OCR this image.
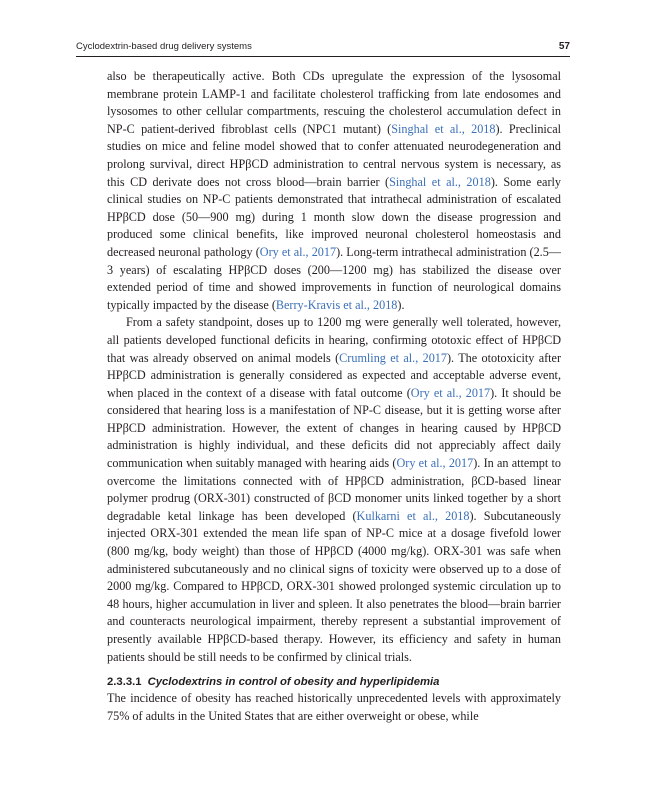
Cyclodextrin-based drug delivery systems	57

also be therapeutically active. Both CDs upregulate the expression of the lysosomal membrane protein LAMP-1 and facilitate cholesterol trafficking from late endosomes and lysosomes to other cellular compartments, rescuing the cholesterol accumulation defect in NP-C patient-derived fibroblast cells (NPC1 mutant) (Singhal et al., 2018). Preclinical studies on mice and feline model showed that to confer attenuated neurodegeneration and prolong survival, direct HPβCD administration to central nervous system is necessary, as this CD derivate does not cross blood—brain barrier (Singhal et al., 2018). Some early clinical studies on NP-C patients demonstrated that intrathecal administration of escalated HPβCD dose (50—900 mg) during 1 month slow down the disease progression and produced some clinical benefits, like improved neuronal cholesterol homeostasis and decreased neuronal pathology (Ory et al., 2017). Long-term intrathecal administration (2.5—3 years) of escalating HPβCD doses (200—1200 mg) has stabilized the disease over extended period of time and showed improvements in function of neurological domains typically impacted by the disease (Berry-Kravis et al., 2018).

From a safety standpoint, doses up to 1200 mg were generally well tolerated, however, all patients developed functional deficits in hearing, confirming ototoxic effect of HPβCD that was already observed on animal models (Crumling et al., 2017). The ototoxicity after HPβCD administration is generally considered as expected and acceptable adverse event, when placed in the context of a disease with fatal outcome (Ory et al., 2017). It should be considered that hearing loss is a manifestation of NP-C disease, but it is getting worse after HPβCD administration. However, the extent of changes in hearing caused by HPβCD administration is highly individual, and these deficits did not appreciably affect daily communication when suitably managed with hearing aids (Ory et al., 2017). In an attempt to overcome the limitations connected with of HPβCD administration, βCD-based linear polymer prodrug (ORX-301) constructed of βCD monomer units linked together by a short degradable ketal linkage has been developed (Kulkarni et al., 2018). Subcutaneously injected ORX-301 extended the mean life span of NP-C mice at a dosage fivefold lower (800 mg/kg, body weight) than those of HPβCD (4000 mg/kg). ORX-301 was safe when administered subcutaneously and no clinical signs of toxicity were observed up to a dose of 2000 mg/kg. Compared to HPβCD, ORX-301 showed prolonged systemic circulation up to 48 hours, higher accumulation in liver and spleen. It also penetrates the blood—brain barrier and counteracts neurological impairment, thereby represent a substantial improvement of presently available HPβCD-based therapy. However, its efficiency and safety in human patients should be still needs to be confirmed by clinical trials.

2.3.3.1 Cyclodextrins in control of obesity and hyperlipidemia

The incidence of obesity has reached historically unprecedented levels with approximately 75% of adults in the United States that are either overweight or obese, while
